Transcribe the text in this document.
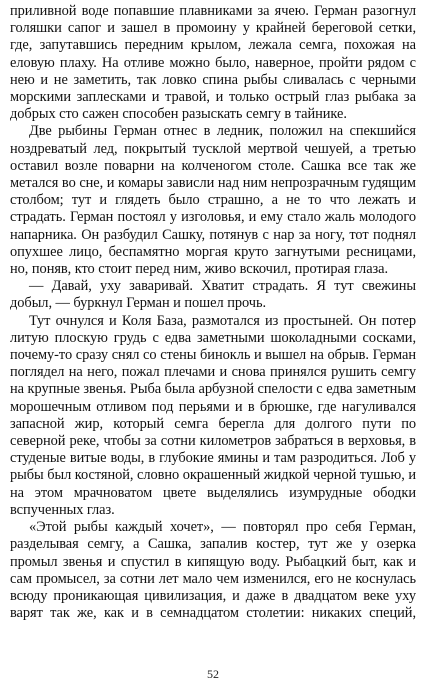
приливной воде попавшие плавниками за ячею. Герман разогнул голяшки сапог и зашел в промоину у крайней береговой сетки, где, запутавшись передним крылом, лежала семга, похожая на еловую плаху. На отливе можно было, наверное, пройти рядом с нею и не заметить, так ловко спина рыбы сливалась с черными морскими заплесками и травой, и только острый глаз рыбака за добрых сто сажен способен разыскать семгу в тайнике.

Две рыбины Герман отнес в ледник, положил на спекшийся ноздреватый лед, покрытый тусклой мертвой чешуей, а третью оставил возле поварни на колченогом столе. Сашка все так же метался во сне, и комары зависли над ним непрозрачным гудящим столбом; тут и глядеть было страшно, а не то что лежать и страдать. Герман постоял у изголовья, и ему стало жаль молодого напарника. Он разбудил Сашку, потянув с нар за ногу, тот поднял опухшее лицо, беспамятно моргая круто загнутыми ресницами, но, поняв, кто стоит перед ним, живо вскочил, протирая глаза.

— Давай, уху заваривай. Хватит страдать. Я тут свежины добыл, — буркнул Герман и пошел прочь.

Тут очнулся и Коля База, размотался из простыней. Он потер литую плоскую грудь с едва заметными шоколадными сосками, почему-то сразу снял со стены бинокль и вышел на обрыв. Герман поглядел на него, пожал плечами и снова принялся рушить семгу на крупные звенья. Рыба была арбузной спелости с едва заметным морошечным отливом под перьями и в брюшке, где нагуливался запасной жир, который семга берегла для долгого пути по северной реке, чтобы за сотни километров забраться в верховья, в студеные витые воды, в глубокие ямины и там разродиться. Лоб у рыбы был костяной, словно окрашенный жидкой черной тушью, и на этом мрачноватом цвете выделялись изумрудные ободки вспученных глаз.

«Этой рыбы каждый хочет», — повторял про себя Герман, разделывая семгу, а Сашка, запалив костер, тут же у озерка промыл звенья и спустил в кипящую воду. Рыбацкий быт, как и сам промысел, за сотни лет мало чем изменился, его не коснулась всюду проникающая цивилизация, и даже в двадцатом веке уху варят так же, как и в семнадцатом столетии: никаких специй,

52
